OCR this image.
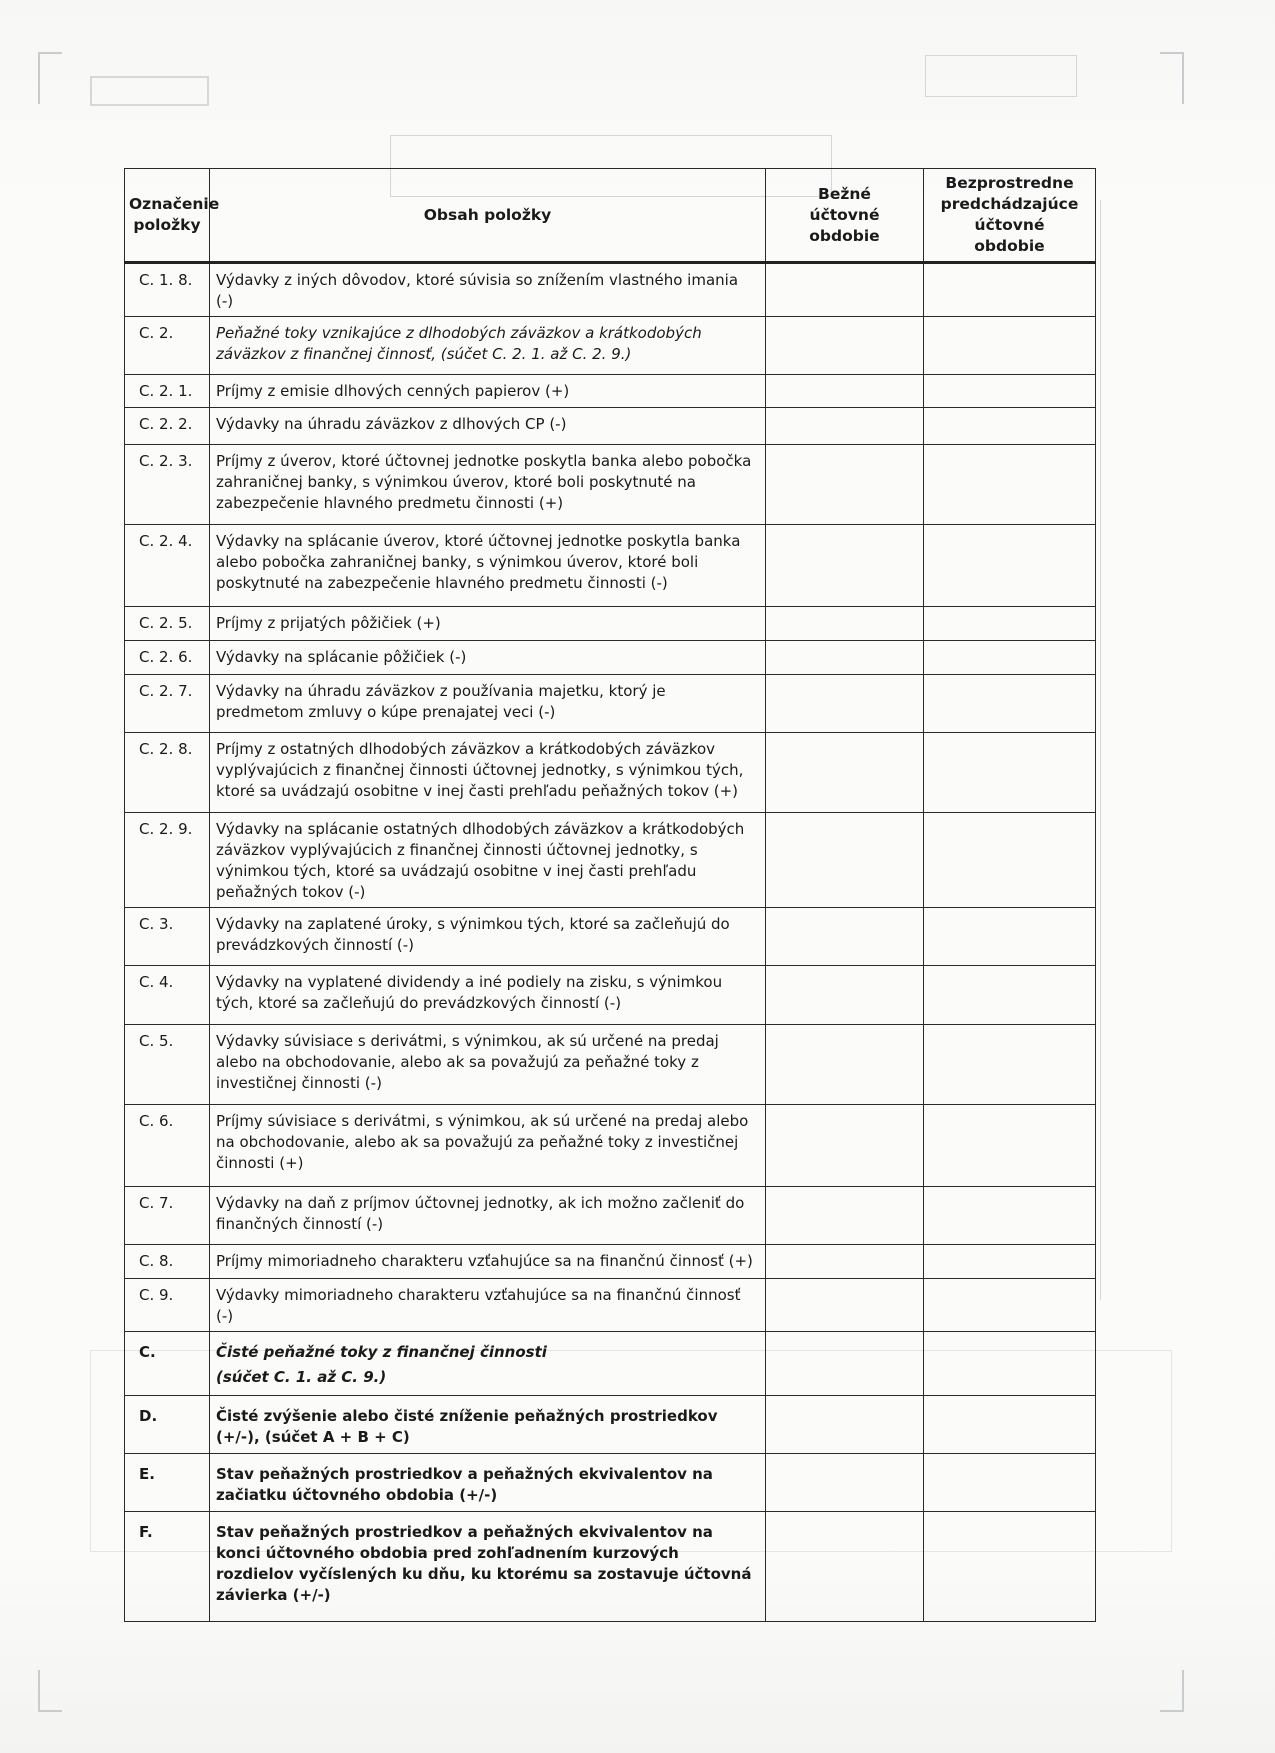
Označenie položky	Obsah položky	Bežné účtovné obdobie	Bezprostredne predchádzajúce účtovné obdobie
C. 1. 8.	Výdavky z iných dôvodov, ktoré súvisia so znížením vlastného imania (-)		
C. 2.	Peňažné toky vznikajúce z dlhodobých záväzkov a krátkodobých záväzkov z finančnej činnosť, (súčet C. 2. 1. až C. 2. 9.)		
C. 2. 1.	Príjmy z emisie dlhových cenných papierov (+)		
C. 2. 2.	Výdavky na úhradu záväzkov z dlhových CP (-)		
C. 2. 3.	Príjmy z úverov, ktoré účtovnej jednotke poskytla banka alebo pobočka zahraničnej banky, s výnimkou úverov, ktoré boli poskytnuté na zabezpečenie hlavného predmetu činnosti (+)		
C. 2. 4.	Výdavky na splácanie úverov, ktoré účtovnej jednotke poskytla banka alebo pobočka zahraničnej banky, s výnimkou úverov, ktoré boli poskytnuté na zabezpečenie hlavného predmetu činnosti (-)		
C. 2. 5.	Príjmy z prijatých pôžičiek (+)		
C. 2. 6.	Výdavky na splácanie pôžičiek (-)		
C. 2. 7.	Výdavky na úhradu záväzkov z používania majetku, ktorý je predmetom zmluvy o kúpe prenajatej veci (-)		
C. 2. 8.	Príjmy z ostatných dlhodobých záväzkov a krátkodobých záväzkov vyplývajúcich z finančnej činnosti účtovnej jednotky, s výnimkou tých, ktoré sa uvádzajú osobitne v inej časti prehľadu peňažných tokov (+)		
C. 2. 9.	Výdavky na splácanie ostatných dlhodobých záväzkov a krátkodobých záväzkov vyplývajúcich z finančnej činnosti účtovnej jednotky, s výnimkou tých, ktoré sa uvádzajú osobitne v inej časti prehľadu peňažných tokov (-)		
C. 3.	Výdavky na zaplatené úroky, s výnimkou tých, ktoré sa začleňujú do prevádzkových činností (-)		
C. 4.	Výdavky na vyplatené dividendy a iné podiely na zisku, s výnimkou tých, ktoré sa začleňujú do prevádzkových činností (-)		
C. 5.	Výdavky súvisiace s derivátmi, s výnimkou, ak sú určené na predaj alebo na obchodovanie, alebo ak sa považujú za peňažné toky z investičnej činnosti (-)		
C. 6.	Príjmy súvisiace s derivátmi, s výnimkou, ak sú určené na predaj alebo na obchodovanie, alebo ak sa považujú za peňažné toky z investičnej činnosti (+)		
C. 7.	Výdavky na daň z príjmov účtovnej jednotky, ak ich možno začleniť do finančných činností (-)		
C. 8.	Príjmy mimoriadneho charakteru vzťahujúce sa na finančnú činnosť (+)		
C. 9.	Výdavky mimoriadneho charakteru vzťahujúce sa na finančnú činnosť (-)		
C.	Čisté peňažné toky z finančnej činnosti
(súčet C. 1. až C. 9.)		

D.	Čisté zvýšenie alebo čisté zníženie peňažných prostriedkov (+/-), (súčet A + B + C)		
E.	Stav peňažných prostriedkov a peňažných ekvivalentov na začiatku účtovného obdobia (+/-)		
F.	Stav peňažných prostriedkov a peňažných ekvivalentov na konci účtovného obdobia pred zohľadnením kurzových rozdielov vyčíslených ku dňu, ku ktorému sa zostavuje účtovná závierka (+/-)		
